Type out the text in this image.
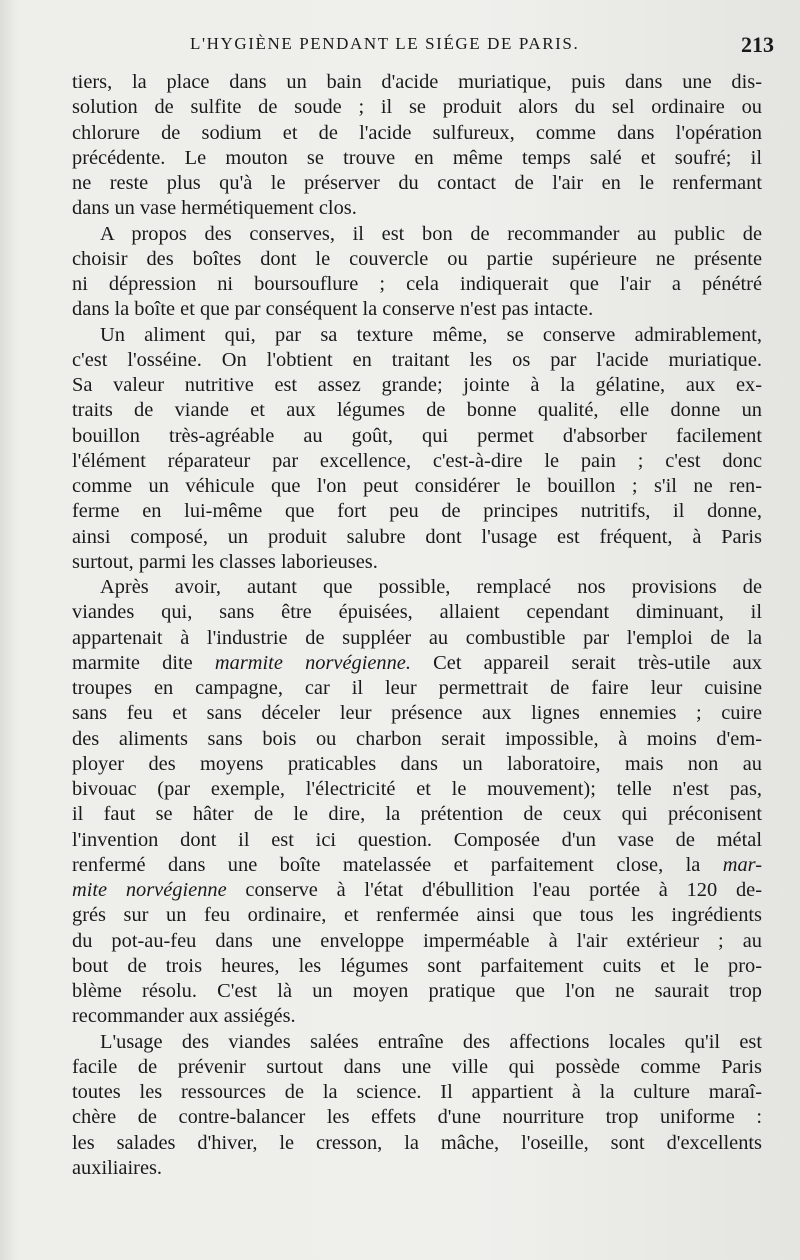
L'HYGIÈNE PENDANT LE SIÉGE DE PARIS.	213

tiers, la place dans un bain d'acide muriatique, puis dans une dis-
solution de sulfite de soude ; il se produit alors du sel ordinaire ou
chlorure de sodium et de l'acide sulfureux, comme dans l'opération
précédente. Le mouton se trouve en même temps salé et soufré; il
ne reste plus qu'à le préserver du contact de l'air en le renfermant
dans un vase hermétiquement clos.

A propos des conserves, il est bon de recommander au public de
choisir des boîtes dont le couvercle ou partie supérieure ne présente
ni dépression ni boursouflure ; cela indiquerait que l'air a pénétré
dans la boîte et que par conséquent la conserve n'est pas intacte.

Un aliment qui, par sa texture même, se conserve admirablement,
c'est l'osséine. On l'obtient en traitant les os par l'acide muriatique.
Sa valeur nutritive est assez grande; jointe à la gélatine, aux ex-
traits de viande et aux légumes de bonne qualité, elle donne un
bouillon très-agréable au goût, qui permet d'absorber facilement
l'élément réparateur par excellence, c'est-à-dire le pain ; c'est donc
comme un véhicule que l'on peut considérer le bouillon ; s'il ne ren-
ferme en lui-même que fort peu de principes nutritifs, il donne,
ainsi composé, un produit salubre dont l'usage est fréquent, à Paris
surtout, parmi les classes laborieuses.

Après avoir, autant que possible, remplacé nos provisions de
viandes qui, sans être épuisées, allaient cependant diminuant, il
appartenait à l'industrie de suppléer au combustible par l'emploi de la
marmite dite marmite norvégienne. Cet appareil serait très-utile aux
troupes en campagne, car il leur permettrait de faire leur cuisine
sans feu et sans déceler leur présence aux lignes ennemies ; cuire
des aliments sans bois ou charbon serait impossible, à moins d'em-
ployer des moyens praticables dans un laboratoire, mais non au
bivouac (par exemple, l'électricité et le mouvement); telle n'est pas,
il faut se hâter de le dire, la prétention de ceux qui préconisent
l'invention dont il est ici question. Composée d'un vase de métal
renfermé dans une boîte matelassée et parfaitement close, la mar-
mite norvégienne conserve à l'état d'ébullition l'eau portée à 120 de-
grés sur un feu ordinaire, et renfermée ainsi que tous les ingrédients
du pot-au-feu dans une enveloppe imperméable à l'air extérieur ; au
bout de trois heures, les légumes sont parfaitement cuits et le pro-
blème résolu. C'est là un moyen pratique que l'on ne saurait trop
recommander aux assiégés.

L'usage des viandes salées entraîne des affections locales qu'il est
facile de prévenir surtout dans une ville qui possède comme Paris
toutes les ressources de la science. Il appartient à la culture maraî-
chère de contre-balancer les effets d'une nourriture trop uniforme :
les salades d'hiver, le cresson, la mâche, l'oseille, sont d'excellents
auxiliaires.
